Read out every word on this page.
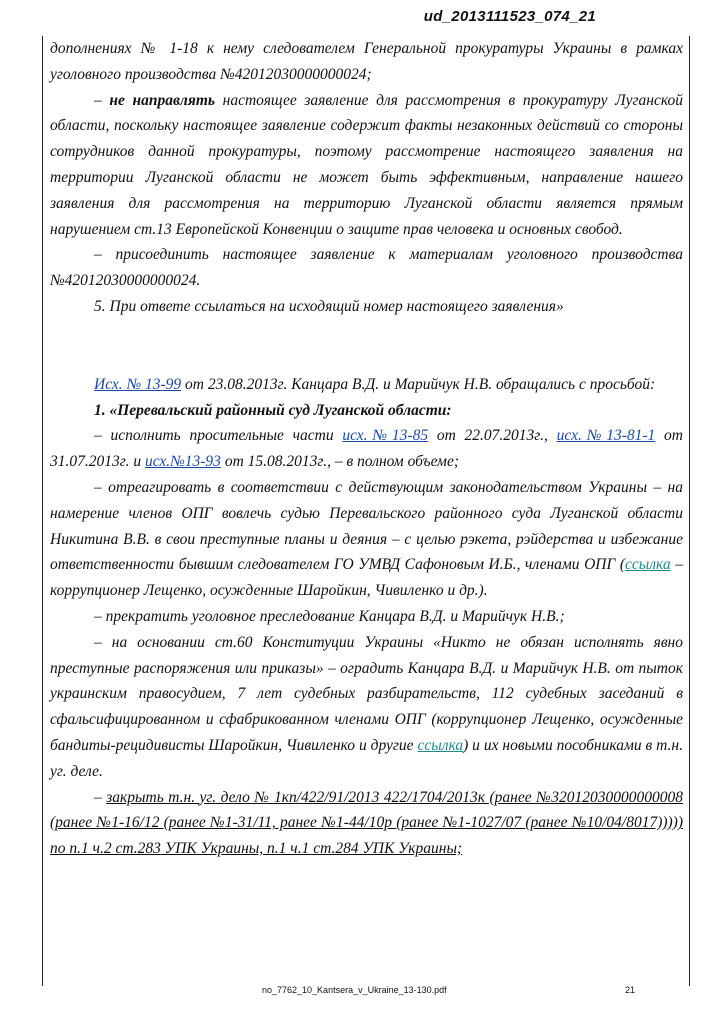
ud_2013111523_074_21

дополнениях № 1-18 к нему следователем Генеральной прокуратуры Украины в рамках уголовного производства №42012030000000024;

– не направлять настоящее заявление для рассмотрения в прокуратуру Луганской области, поскольку настоящее заявление содержит факты незаконных действий со стороны сотрудников данной прокуратуры, поэтому рассмотрение настоящего заявления на территории Луганской области не может быть эффективным, направление нашего заявления для рассмотрения на территорию Луганской области является прямым нарушением ст.13 Европейской Конвенции о защите прав человека и основных свобод.

– присоединить настоящее заявление к материалам уголовного производства №42012030000000024.

5. При ответе ссылаться на исходящий номер настоящего заявления»

Исх. № 13-99 от 23.08.2013г. Канцара В.Д. и Марийчук Н.В. обращались с просьбой:

1. «Перевальский районный суд Луганской области:

– исполнить просительные части исх.№13-85 от 22.07.2013г., исх.№13-81-1 от 31.07.2013г. и исх.№13-93 от 15.08.2013г., – в полном объеме;

– отреагировать в соответствии с действующим законодательством Украины – на намерение членов ОПГ вовлечь судью Перевальского районного суда Луганской области Никитина В.В. в свои преступные планы и деяния – с целью рэкета, рэйдерства и избежание ответственности бывшим следователем ГО УМВД Сафоновым И.Б., членами ОПГ (ссылка – коррупционер Лещенко, осужденные Шаройкин, Чивиленко и др.).

– прекратить уголовное преследование Канцара В.Д. и Марийчук Н.В.;

– на основании ст.60 Конституции Украины «Никто не обязан исполнять явно преступные распоряжения или приказы» – оградить Канцара В.Д. и Марийчук Н.В. от пыток украинским правосудием, 7 лет судебных разбирательств, 112 судебных заседаний в сфальсифицированном и сфабрикованном членами ОПГ (коррупционер Лещенко, осужденные бандиты-рецидивисты Шаройкин, Чивиленко и другие ссылка) и их новыми пособниками в т.н. уг. деле.

– закрыть т.н. уг. дело № 1кп/422/91/2013 422/1704/2013к (ранее №32012030000000008 (ранее №1-16/12 (ранее №1-31/11, ранее №1-44/10р (ранее №1-1027/07 (ранее №10/04/8017))))) по п.1 ч.2 ст.283 УПК Украины, п.1 ч.1 ст.284 УПК Украины;

no_7762_10_Kantsera_v_Ukraine_13-130.pdf	21
